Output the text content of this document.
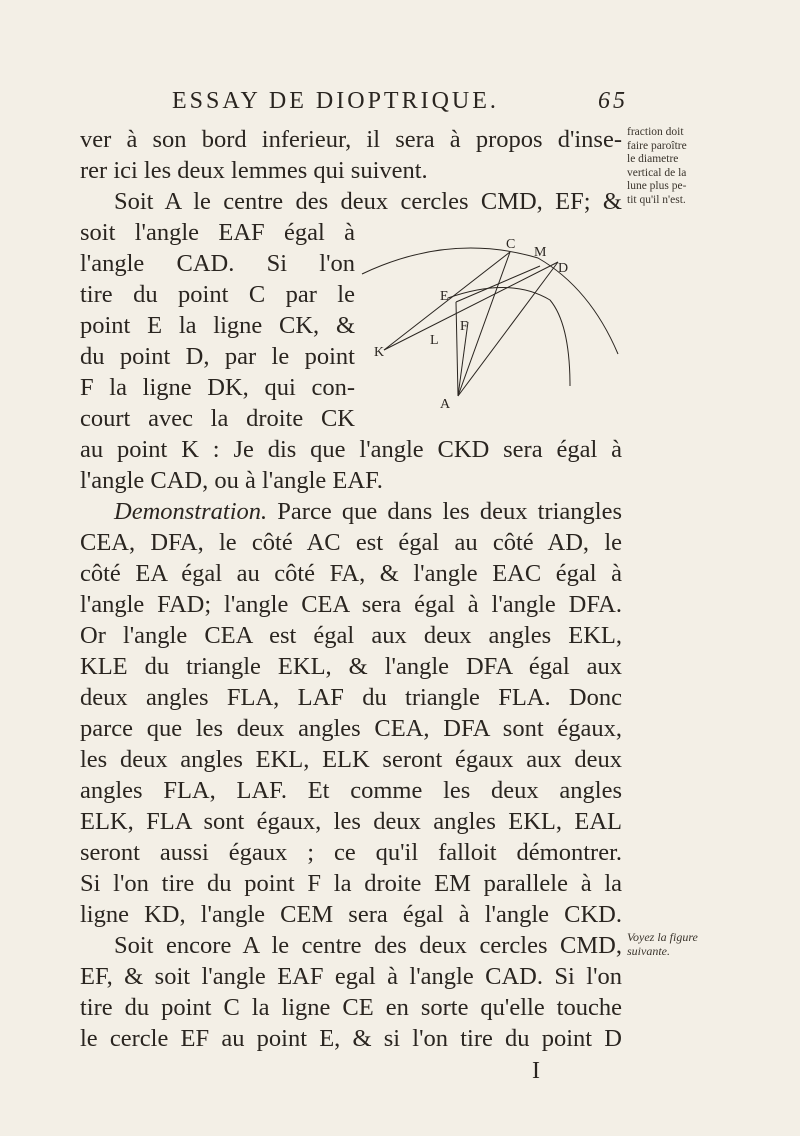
ESSAY DE DIOPTRIQUE.	65
ver à son bord inferieur, il sera à propos d'inse-
rer ici les deux lemmes qui suivent.
Soit A le centre des deux cercles CMD, EF; &
soit l'angle EAF égal à
l'angle CAD. Si l'on
tire du point C par le
point E la ligne CK, &
du point D, par le point
F la ligne DK, qui con-
court avec la droite CK
au point K : Je dis que l'angle CKD sera égal à
l'angle CAD, ou à l'angle EAF.
Demonstration. Parce que dans les deux triangles
CEA, DFA, le côté AC est égal au côté AD, le
côté EA égal au côté FA, & l'angle EAC égal à
l'angle FAD; l'angle CEA sera égal à l'angle DFA.
Or l'angle CEA est égal aux deux angles EKL,
KLE du triangle EKL, & l'angle DFA égal aux
deux angles FLA, LAF du triangle FLA. Donc
parce que les deux angles CEA, DFA sont égaux,
les deux angles EKL, ELK seront égaux aux deux
angles FLA, LAF. Et comme les deux angles
ELK, FLA sont égaux, les deux angles EKL, EAL
seront aussi égaux ; ce qu'il falloit démontrer.
Si l'on tire du point F la droite EM parallele à la
ligne KD, l'angle CEM sera égal à l'angle CKD.
Soit encore A le centre des deux cercles CMD,
EF, & soit l'angle EAF egal à l'angle CAD. Si l'on
tire du point C la ligne CE en sorte qu'elle touche
le cercle EF au point E, & si l'on tire du point D
I
fraction doit
faire paroître
le diametre
vertical de la
lune plus pe-
tit qu'il n'est.
Voyez la figure
suivante.
C
M
D
E
F
L
K
A
